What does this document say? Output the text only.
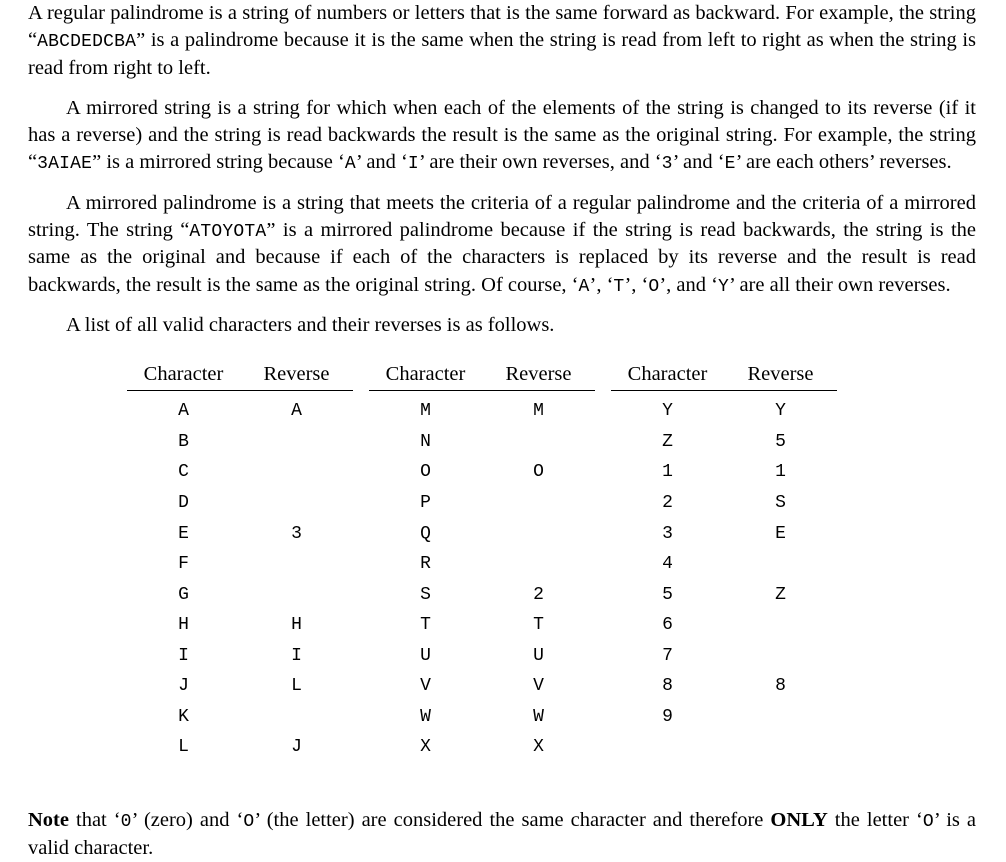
A regular palindrome is a string of numbers or letters that is the same forward as backward. For example, the string “ABCDEDCBA” is a palindrome because it is the same when the string is read from left to right as when the string is read from right to left.

A mirrored string is a string for which when each of the elements of the string is changed to its reverse (if it has a reverse) and the string is read backwards the result is the same as the original string. For example, the string “3AIAE” is a mirrored string because ‘A’ and ‘I’ are their own reverses, and ‘3’ and ‘E’ are each others’ reverses.

A mirrored palindrome is a string that meets the criteria of a regular palindrome and the criteria of a mirrored string. The string “ATOYOTA” is a mirrored palindrome because if the string is read backwards, the string is the same as the original and because if each of the characters is replaced by its reverse and the result is read backwards, the result is the same as the original string. Of course, ‘A’, ‘T’, ‘O’, and ‘Y’ are all their own reverses.

A list of all valid characters and their reverses is as follows.

Character	Reverse		Character	Reverse		Character	Reverse
A	A		M	M		Y	Y
B			N			Z	5
C			O	O		1	1
D			P			2	S
E	3		Q			3	E
F			R			4	
G			S	2		5	Z
H	H		T	T		6	
I	I		U	U		7	
J	L		V	V		8	8
K			W	W		9	
L	J		X	X			

Note that ‘0’ (zero) and ‘O’ (the letter) are considered the same character and therefore ONLY the letter ‘O’ is a valid character.
